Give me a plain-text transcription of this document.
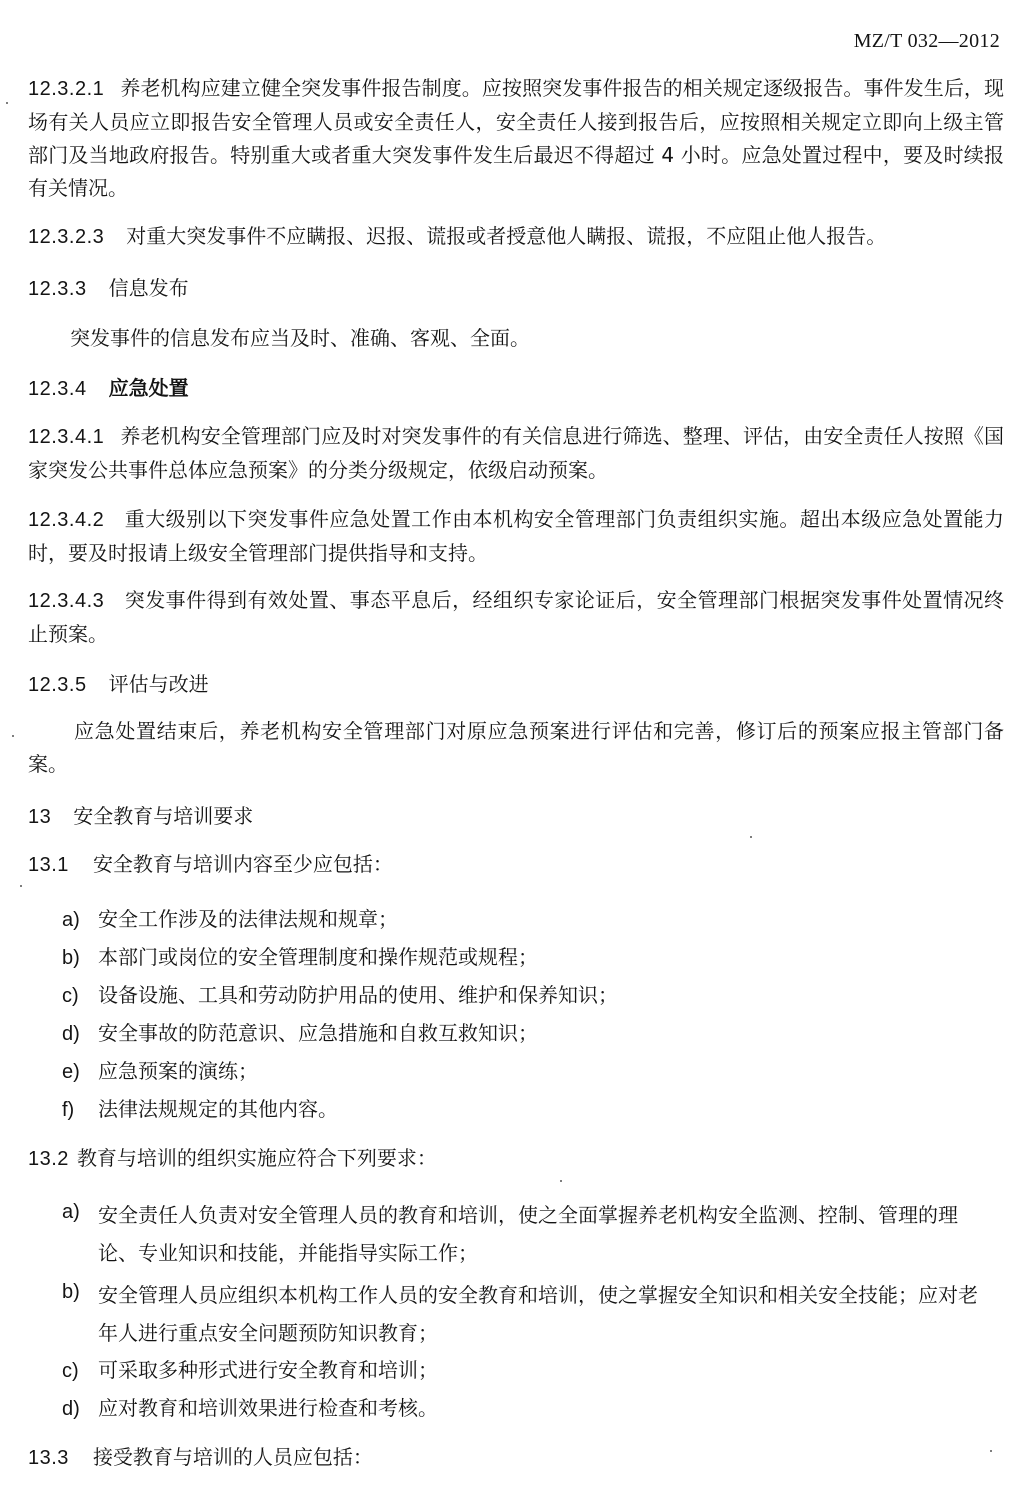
MZ/T 032—2012
12.3.2.1 养老机构应建立健全突发事件报告制度。应按照突发事件报告的相关规定逐级报告。事件发生后，现场有关人员应立即报告安全管理人员或安全责任人，安全责任人接到报告后，应按照相关规定立即向上级主管部门及当地政府报告。特别重大或者重大突发事件发生后最迟不得超过 4 小时。应急处置过程中，要及时续报有关情况。
12.3.2.3 对重大突发事件不应瞒报、迟报、谎报或者授意他人瞒报、谎报，不应阻止他人报告。
12.3.3 信息发布
突发事件的信息发布应当及时、准确、客观、全面。
12.3.4 应急处置
12.3.4.1 养老机构安全管理部门应及时对突发事件的有关信息进行筛选、整理、评估，由安全责任人按照《国家突发公共事件总体应急预案》的分类分级规定，依级启动预案。
12.3.4.2 重大级别以下突发事件应急处置工作由本机构安全管理部门负责组织实施。超出本级应急处置能力时，要及时报请上级安全管理部门提供指导和支持。
12.3.4.3 突发事件得到有效处置、事态平息后，经组织专家论证后，安全管理部门根据突发事件处置情况终止预案。
12.3.5 评估与改进
应急处置结束后，养老机构安全管理部门对原应急预案进行评估和完善，修订后的预案应报主管部门备案。
13 安全教育与培训要求
13.1 安全教育与培训内容至少应包括：
a) 安全工作涉及的法律法规和规章；
b) 本部门或岗位的安全管理制度和操作规范或规程；
c) 设备设施、工具和劳动防护用品的使用、维护和保养知识；
d) 安全事故的防范意识、应急措施和自救互救知识；
e) 应急预案的演练；
f) 法律法规规定的其他内容。
13.2 教育与培训的组织实施应符合下列要求：
a) 安全责任人负责对安全管理人员的教育和培训，使之全面掌握养老机构安全监测、控制、管理的理论、专业知识和技能，并能指导实际工作；
b) 安全管理人员应组织本机构工作人员的安全教育和培训，使之掌握安全知识和相关安全技能；应对老年人进行重点安全问题预防知识教育；
c) 可采取多种形式进行安全教育和培训；
d) 应对教育和培训效果进行检查和考核。
13.3 接受教育与培训的人员应包括：
